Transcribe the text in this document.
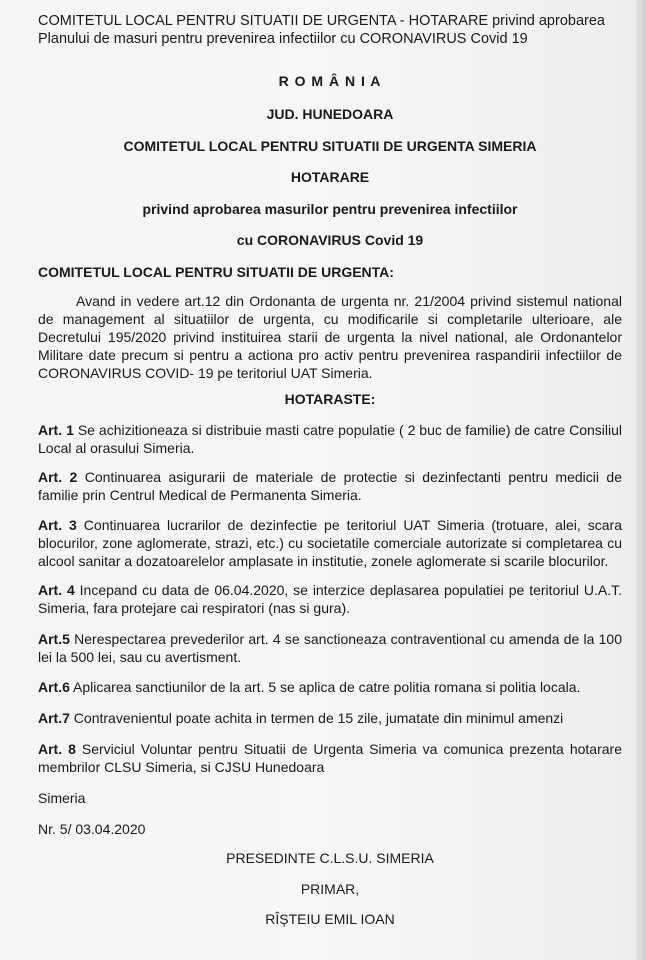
COMITETUL LOCAL PENTRU SITUATII DE URGENTA - HOTARARE privind aprobarea
Planului de masuri pentru prevenirea infectiilor cu CORONAVIRUS Covid 19
R O M Â N I A
JUD. HUNEDOARA
COMITETUL LOCAL PENTRU SITUATII DE URGENTA SIMERIA
HOTARARE
privind aprobarea masurilor pentru prevenirea infectiilor
cu CORONAVIRUS Covid 19
COMITETUL LOCAL PENTRU SITUATII DE URGENTA:
Avand in vedere art.12 din Ordonanta de urgenta nr. 21/2004 privind sistemul national de management al situatiilor de urgenta, cu modificarile si completarile ulterioare, ale Decretului 195/2020 privind instituirea starii de urgenta la nivel national, ale Ordonantelor Militare date precum si pentru a actiona pro activ pentru prevenirea raspandirii infectiilor de CORONAVIRUS COVID- 19 pe teritoriul UAT Simeria.
HOTARASTE:
Art. 1 Se achizitioneaza si distribuie masti catre populatie ( 2 buc de familie) de catre Consiliul Local al orasului Simeria.
Art. 2 Continuarea asigurarii de materiale de protectie si dezinfectanti pentru medicii de familie prin Centrul Medical de Permanenta Simeria.
Art. 3 Continuarea lucrarilor de dezinfectie pe teritoriul UAT Simeria (trotuare, alei, scara blocurilor, zone aglomerate, strazi, etc.) cu societatile comerciale autorizate si completarea cu alcool sanitar a dozatoarelelor amplasate in institutie, zonele aglomerate si scarile blocurilor.
Art. 4 Incepand cu data de 06.04.2020, se interzice deplasarea populatiei pe teritoriul U.A.T. Simeria, fara protejare cai respiratori (nas si gura).
Art.5 Nerespectarea prevederilor art. 4 se sanctioneaza contraventional cu amenda de la 100 lei la 500 lei, sau cu avertisment.
Art.6 Aplicarea sanctiunilor de la art. 5 se aplica de catre politia romana si politia locala.
Art.7 Contravenientul poate achita in termen de 15 zile, jumatate din minimul amenzi
Art. 8 Serviciul Voluntar pentru Situatii de Urgenta Simeria va comunica prezenta hotarare membrilor CLSU Simeria, si CJSU Hunedoara
Simeria
Nr. 5/ 03.04.2020
PRESEDINTE C.L.S.U. SIMERIA
PRIMAR,
RÎȘTEIU EMIL IOAN
